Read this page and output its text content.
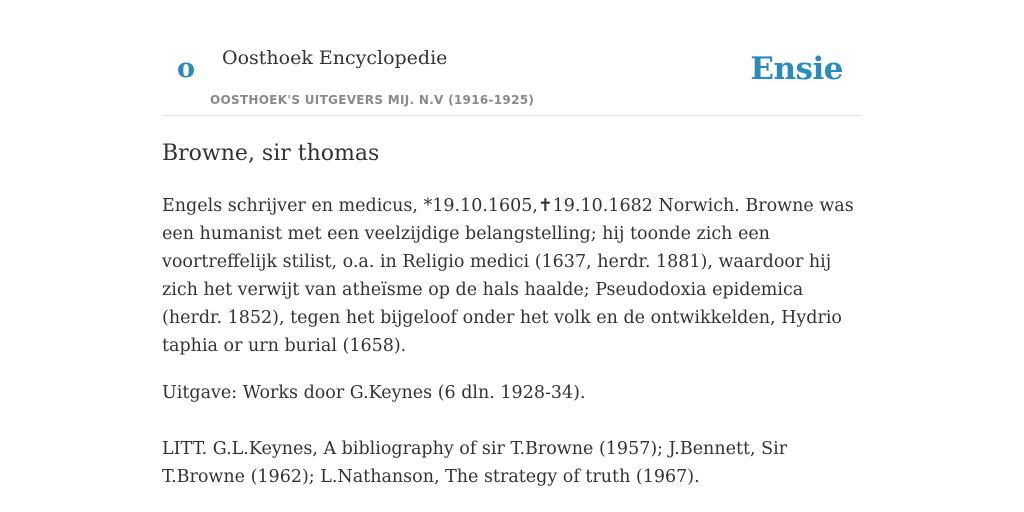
o Oosthoek Encyclopedie
OOSTHOEK'S UITGEVERS MIJ. N.V (1916-1925)
Ensie
Browne, sir thomas

Engels schrijver en medicus, *19.10.1605,✝19.10.1682 Norwich. Browne was een humanist met een veelzijdige belangstelling; hij toonde zich een voortreffelijk stilist, o.a. in Religio medici (1637, herdr. 1881), waardoor hij zich het verwijt van atheïsme op de hals haalde; Pseudodoxia epidemica (herdr. 1852), tegen het bijgeloof onder het volk en de ontwikkelden, Hydrio taphia or urn burial (1658).

Uitgave: Works door G.Keynes (6 dln. 1928-34).

LITT. G.L.Keynes, A bibliography of sir T.Browne (1957); J.Bennett, Sir T.Browne (1962); L.Nathanson, The strategy of truth (1967).
